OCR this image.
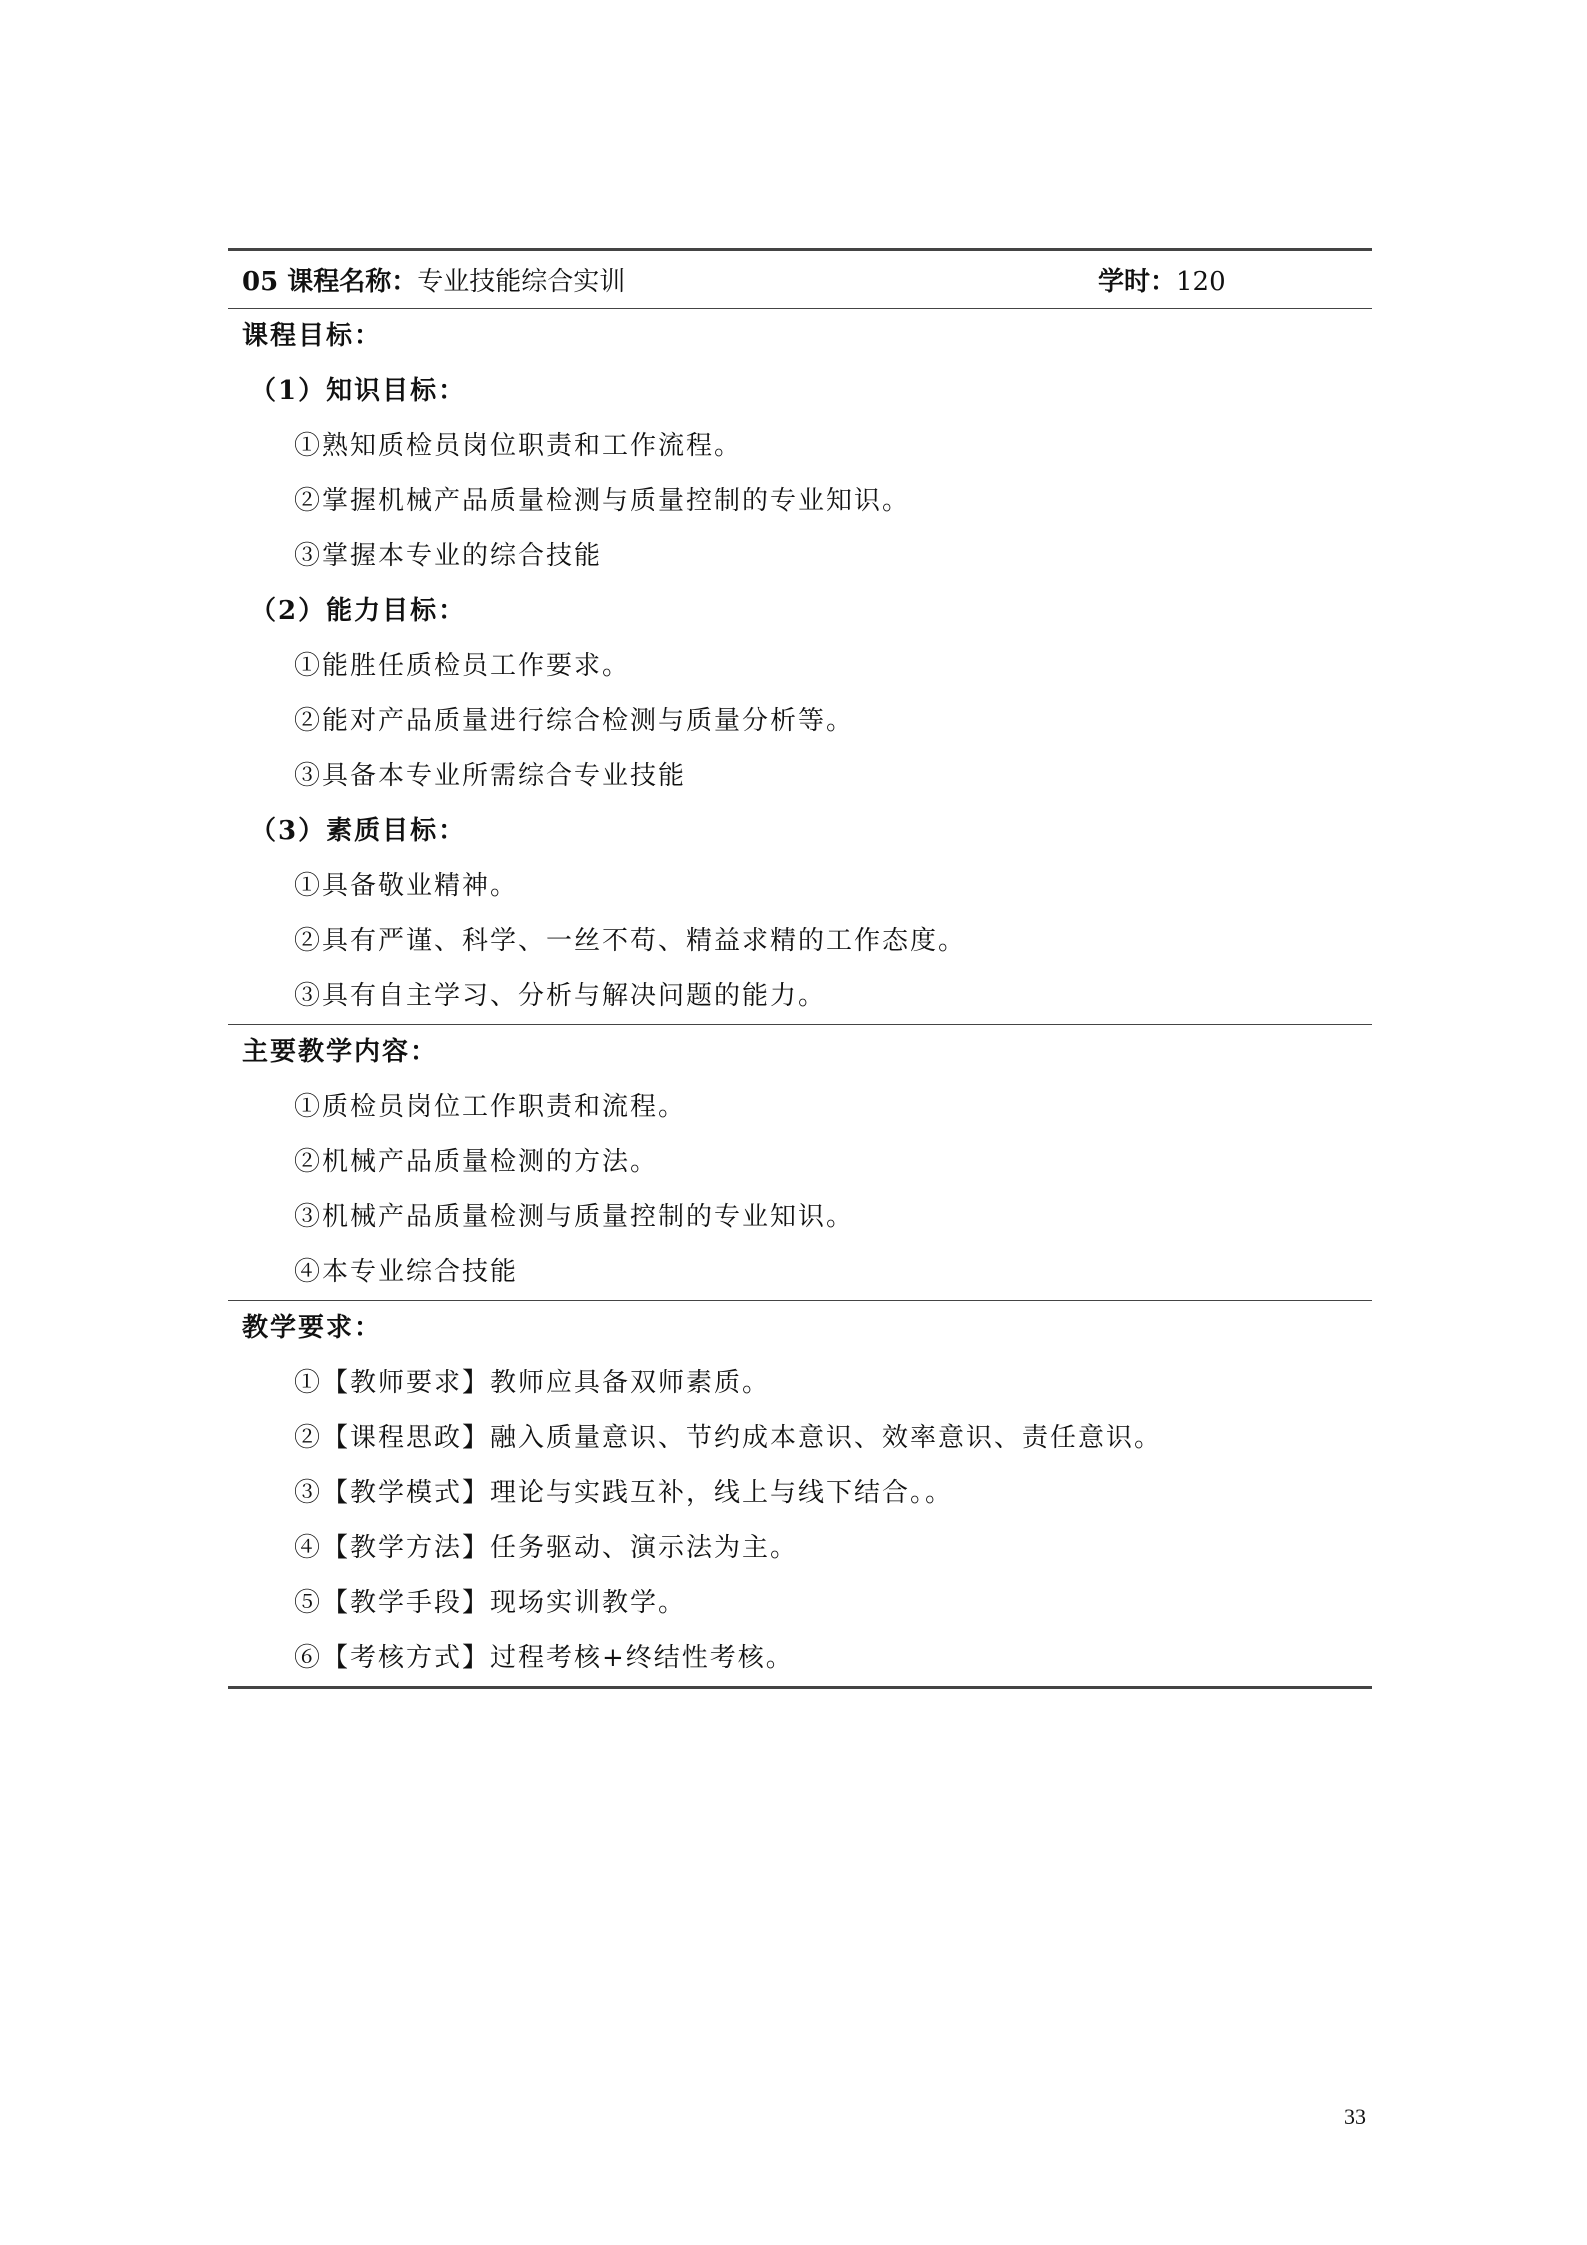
05 课程名称：专业技能综合实训	学时：120
课程目标：
（1）知识目标：
①熟知质检员岗位职责和工作流程。
②掌握机械产品质量检测与质量控制的专业知识。
③掌握本专业的综合技能
（2）能力目标：
①能胜任质检员工作要求。
②能对产品质量进行综合检测与质量分析等。
③具备本专业所需综合专业技能
（3）素质目标：
①具备敬业精神。
②具有严谨、科学、一丝不苟、精益求精的工作态度。
③具有自主学习、分析与解决问题的能力。
主要教学内容：
①质检员岗位工作职责和流程。
②机械产品质量检测的方法。
③机械产品质量检测与质量控制的专业知识。
④本专业综合技能
教学要求：
①【教师要求】教师应具备双师素质。
②【课程思政】融入质量意识、节约成本意识、效率意识、责任意识。
③【教学模式】理论与实践互补，线上与线下结合。。
④【教学方法】任务驱动、演示法为主。
⑤【教学手段】现场实训教学。
⑥【考核方式】过程考核+终结性考核。
33
